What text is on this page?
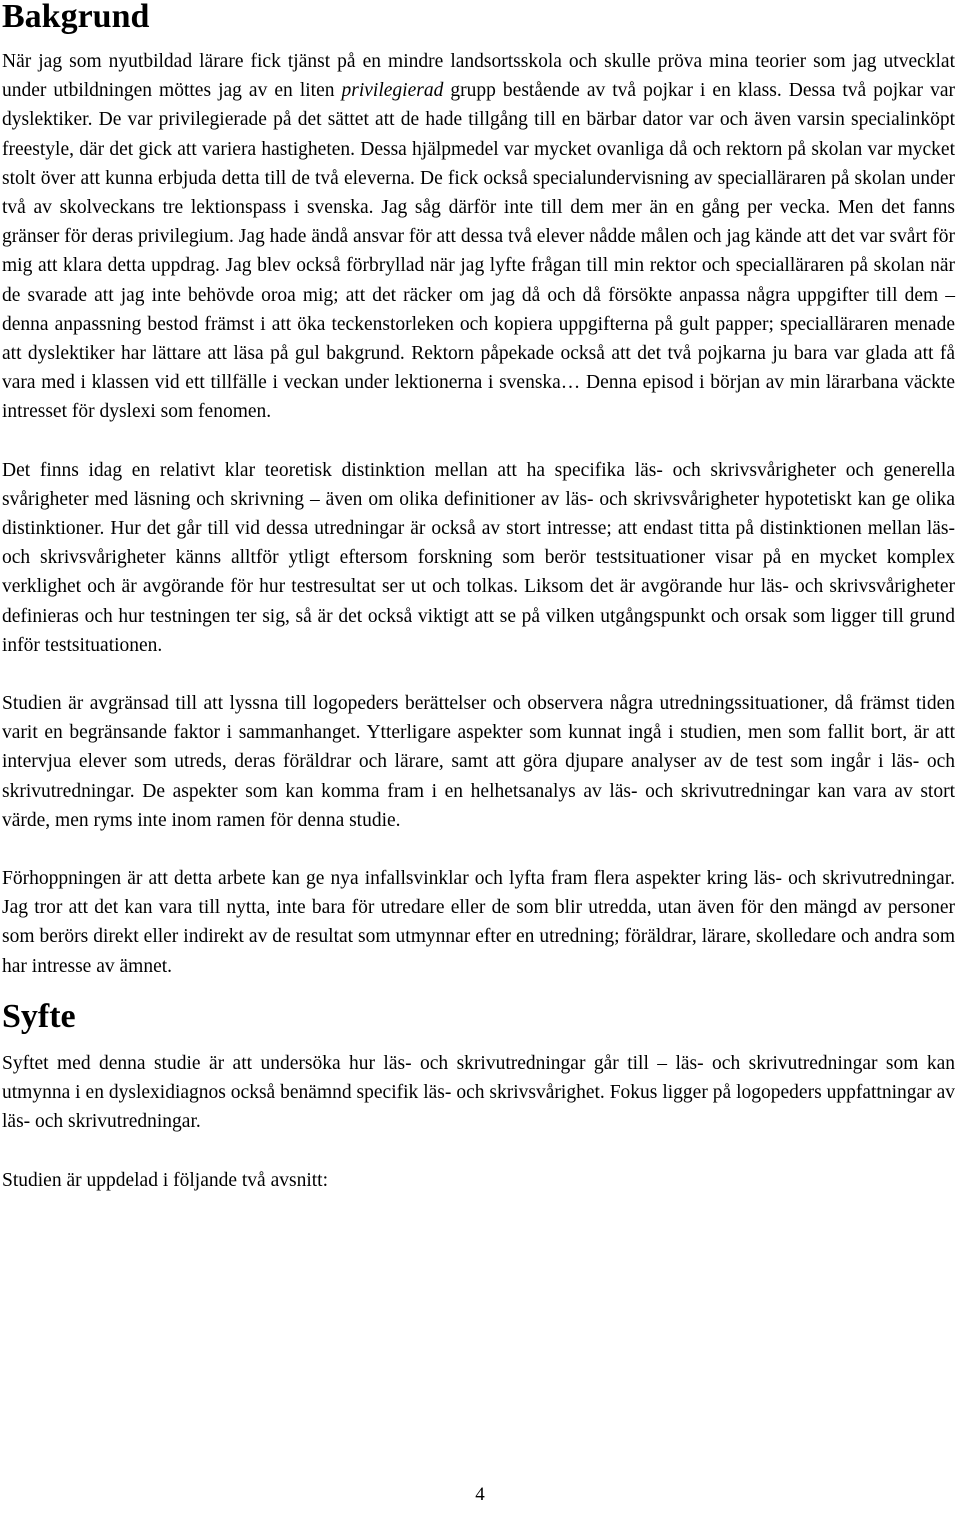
Bakgrund

När jag som nyutbildad lärare fick tjänst på en mindre landsortsskola och skulle pröva mina teorier som jag utvecklat under utbildningen möttes jag av en liten privilegierad grupp bestående av två pojkar i en klass. Dessa två pojkar var dyslektiker. De var privilegierade på det sättet att de hade tillgång till en bärbar dator var och även varsin specialinköpt freestyle, där det gick att variera hastigheten. Dessa hjälpmedel var mycket ovanliga då och rektorn på skolan var mycket stolt över att kunna erbjuda detta till de två eleverna. De fick också specialundervisning av specialläraren på skolan under två av skolveckans tre lektionspass i svenska. Jag såg därför inte till dem mer än en gång per vecka. Men det fanns gränser för deras privilegium. Jag hade ändå ansvar för att dessa två elever nådde målen och jag kände att det var svårt för mig att klara detta uppdrag. Jag blev också förbryllad när jag lyfte frågan till min rektor och specialläraren på skolan när de svarade att jag inte behövde oroa mig; att det räcker om jag då och då försökte anpassa några uppgifter till dem – denna anpassning bestod främst i att öka teckenstorleken och kopiera uppgifterna på gult papper; specialläraren menade att dyslektiker har lättare att läsa på gul bakgrund. Rektorn påpekade också att det två pojkarna ju bara var glada att få vara med i klassen vid ett tillfälle i veckan under lektionerna i svenska… Denna episod i början av min lärarbana väckte intresset för dyslexi som fenomen.

Det finns idag en relativt klar teoretisk distinktion mellan att ha specifika läs- och skrivsvårigheter och generella svårigheter med läsning och skrivning – även om olika definitioner av läs- och skrivsvårigheter hypotetiskt kan ge olika distinktioner. Hur det går till vid dessa utredningar är också av stort intresse; att endast titta på distinktionen mellan läs- och skrivsvårigheter känns alltför ytligt eftersom forskning som berör testsituationer visar på en mycket komplex verklighet och är avgörande för hur testresultat ser ut och tolkas. Liksom det är avgörande hur läs- och skrivsvårigheter definieras och hur testningen ter sig, så är det också viktigt att se på vilken utgångspunkt och orsak som ligger till grund inför testsituationen.

Studien är avgränsad till att lyssna till logopeders berättelser och observera några utredningssituationer, då främst tiden varit en begränsande faktor i sammanhanget. Ytterligare aspekter som kunnat ingå i studien, men som fallit bort, är att intervjua elever som utreds, deras föräldrar och lärare, samt att göra djupare analyser av de test som ingår i läs- och skrivutredningar. De aspekter som kan komma fram i en helhetsanalys av läs- och skrivutredningar kan vara av stort värde, men ryms inte inom ramen för denna studie.

Förhoppningen är att detta arbete kan ge nya infallsvinklar och lyfta fram flera aspekter kring läs- och skrivutredningar. Jag tror att det kan vara till nytta, inte bara för utredare eller de som blir utredda, utan även för den mängd av personer som berörs direkt eller indirekt av de resultat som utmynnar efter en utredning; föräldrar, lärare, skolledare och andra som har intresse av ämnet.

Syfte

Syftet med denna studie är att undersöka hur läs- och skrivutredningar går till – läs- och skrivutredningar som kan utmynna i en dyslexidiagnos också benämnd specifik läs- och skrivsvårighet. Fokus ligger på logopeders uppfattningar av läs- och skrivutredningar.

Studien är uppdelad i följande två avsnitt:

4
